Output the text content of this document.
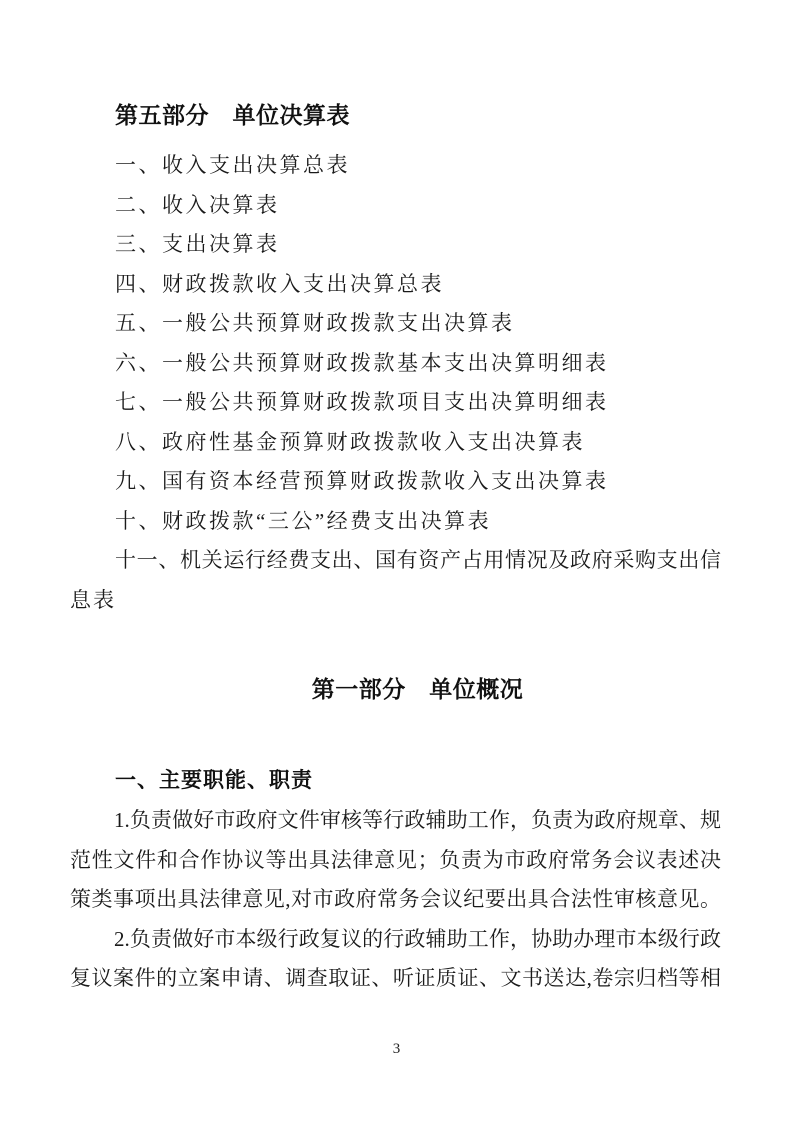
第五部分　单位决算表
一、收入支出决算总表
二、收入决算表
三、支出决算表
四、财政拨款收入支出决算总表
五、一般公共预算财政拨款支出决算表
六、一般公共预算财政拨款基本支出决算明细表
七、一般公共预算财政拨款项目支出决算明细表
八、政府性基金预算财政拨款收入支出决算表
九、国有资本经营预算财政拨款收入支出决算表
十、财政拨款“三公”经费支出决算表
十一、机关运行经费支出、国有资产占用情况及政府采购支出信
息表
第一部分　单位概况
一、主要职能、职责
1.负责做好市政府文件审核等行政辅助工作，负责为政府规章、规
范性文件和合作协议等出具法律意见；负责为市政府常务会议表述决
策类事项出具法律意见,对市政府常务会议纪要出具合法性审核意见。
2.负责做好市本级行政复议的行政辅助工作，协助办理市本级行政
复议案件的立案申请、调查取证、听证质证、文书送达,卷宗归档等相
3
